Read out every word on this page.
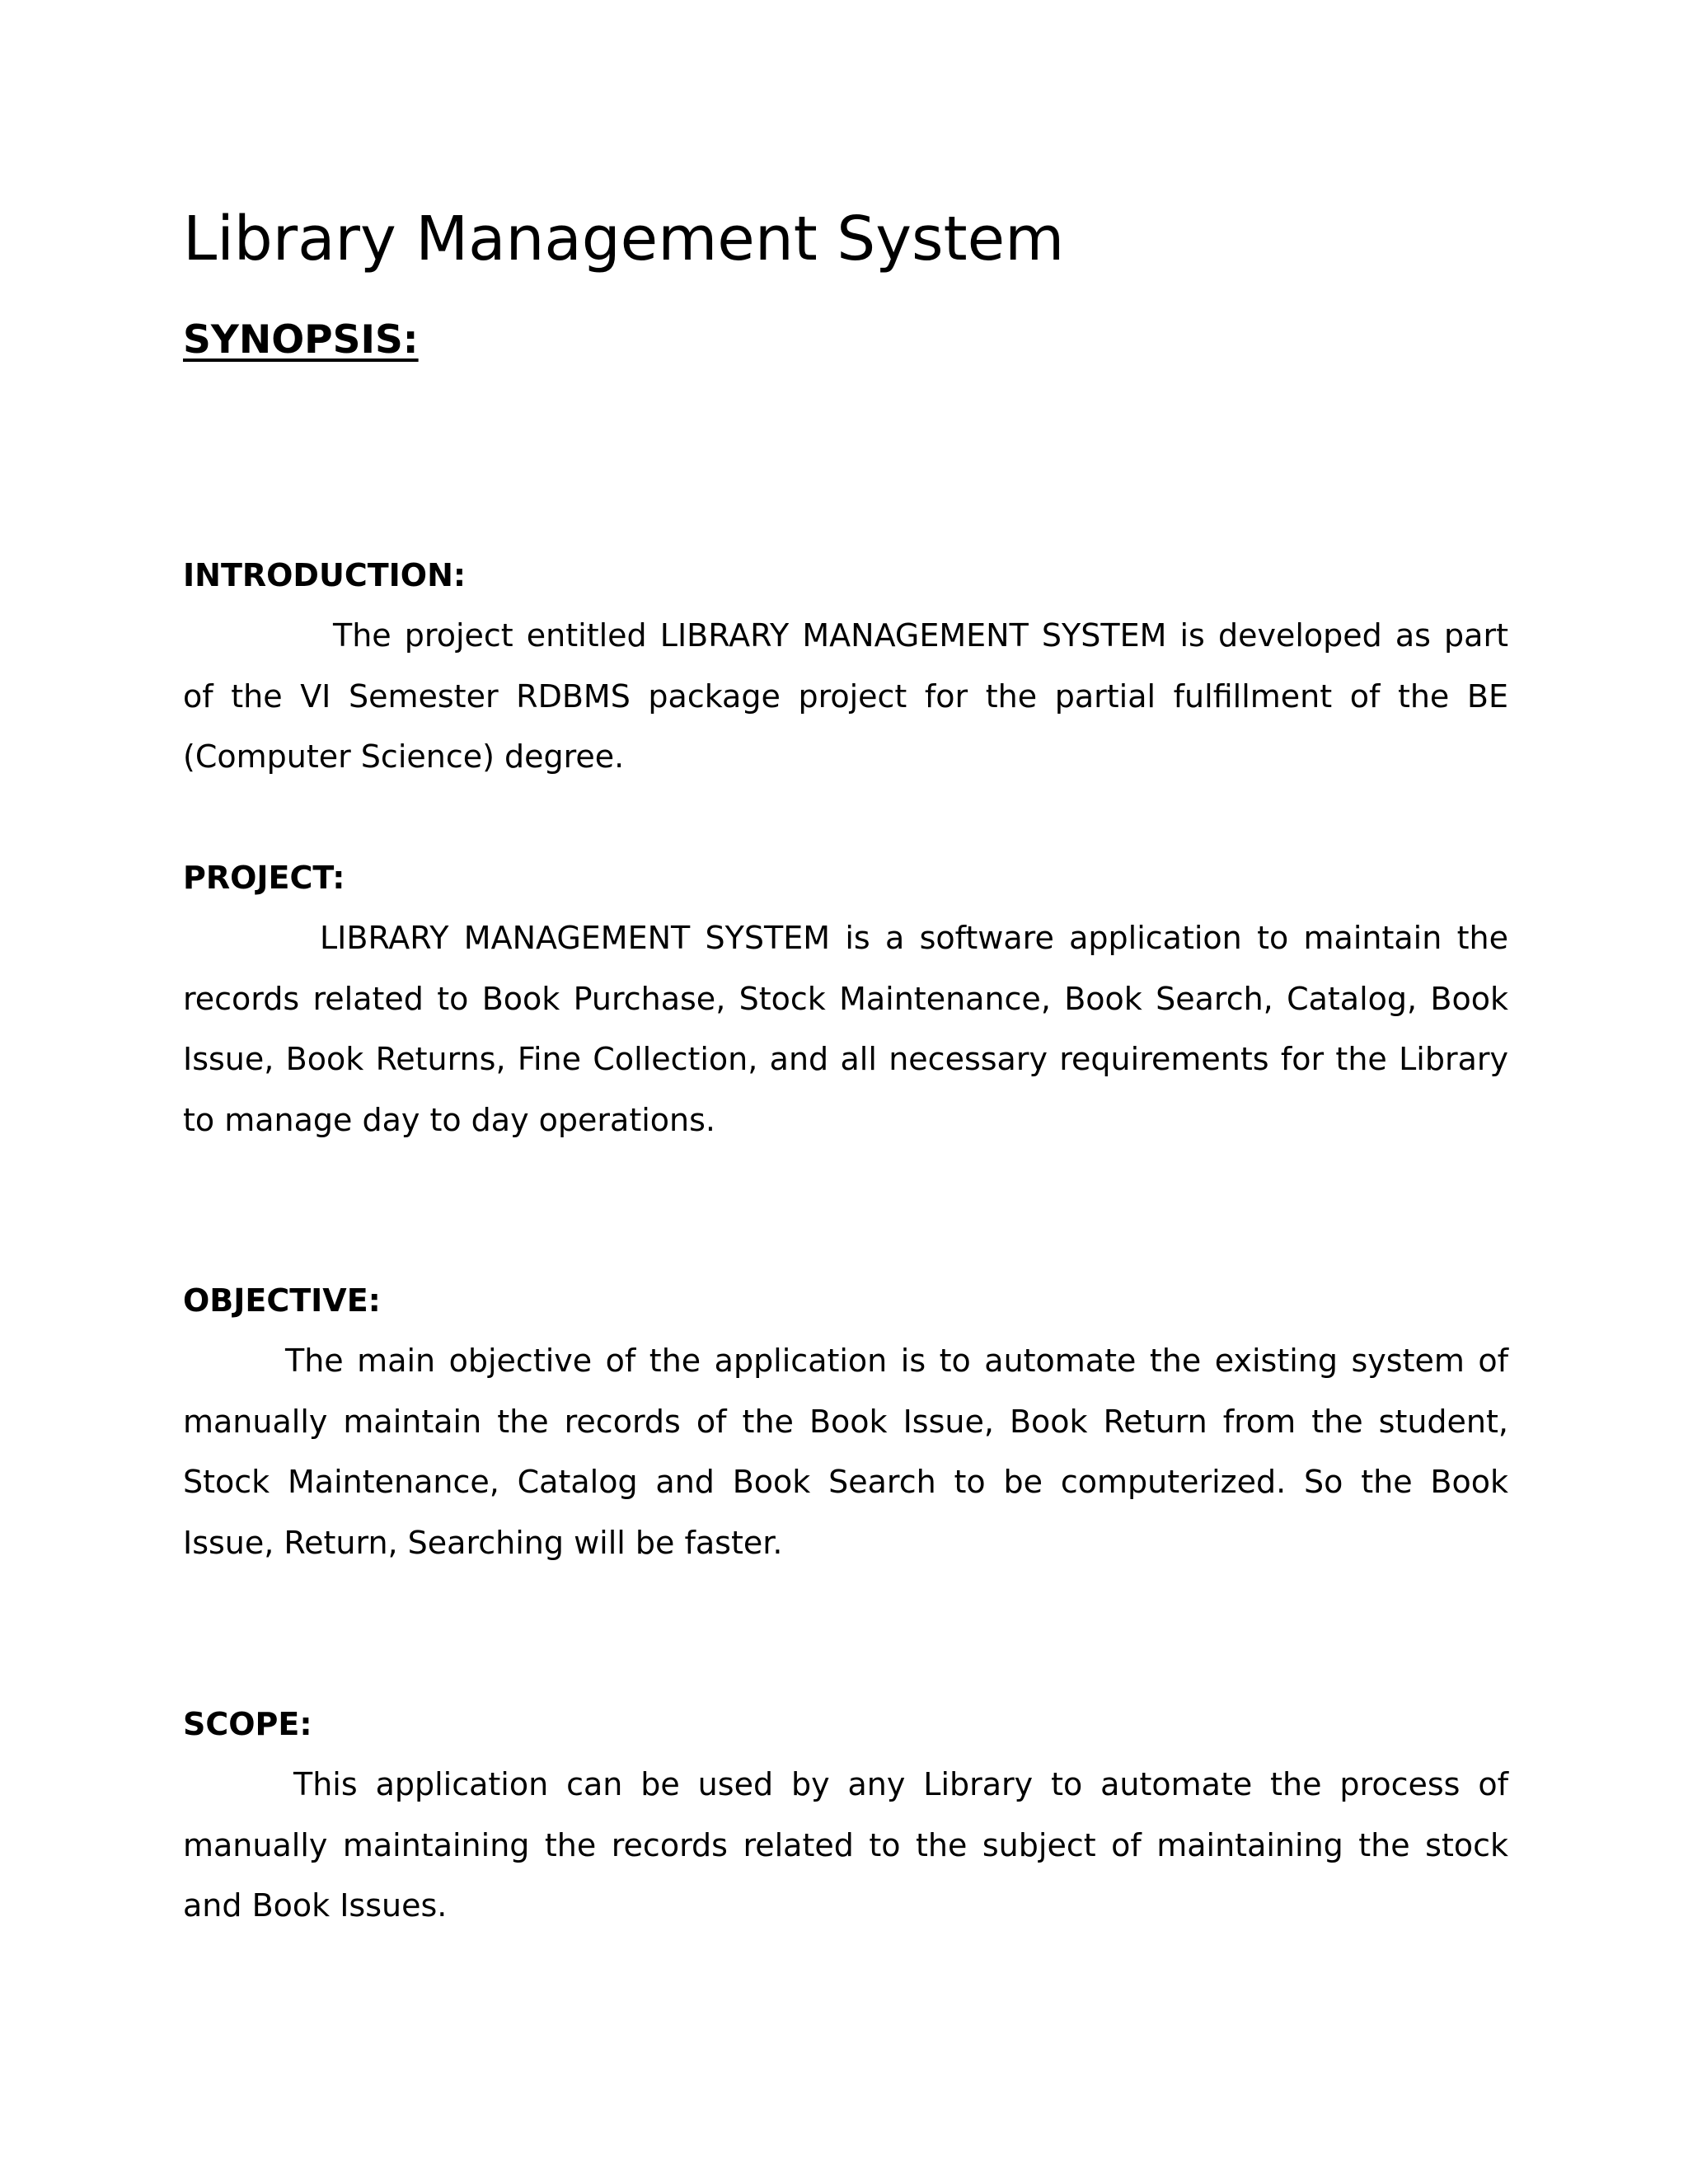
Library Management System
SYNOPSIS:
INTRODUCTION:

The project entitled LIBRARY MANAGEMENT SYSTEM is developed as part of the VI Semester RDBMS package project for the partial fulfillment of the BE (Computer Science) degree.

PROJECT:

LIBRARY MANAGEMENT SYSTEM is a software application to maintain the records related to Book Purchase, Stock Maintenance, Book Search, Catalog, Book Issue, Book Returns, Fine Collection, and all necessary requirements for the Library to manage day to day operations.

OBJECTIVE:

The main objective of the application is to automate the existing system of manually maintain the records of the Book Issue, Book Return from the student, Stock Maintenance, Catalog and Book Search to be computerized. So the Book Issue, Return, Searching will be faster.

SCOPE:

This application can be used by any Library to automate the process of manually maintaining the records related to the subject of maintaining the stock and Book Issues.
